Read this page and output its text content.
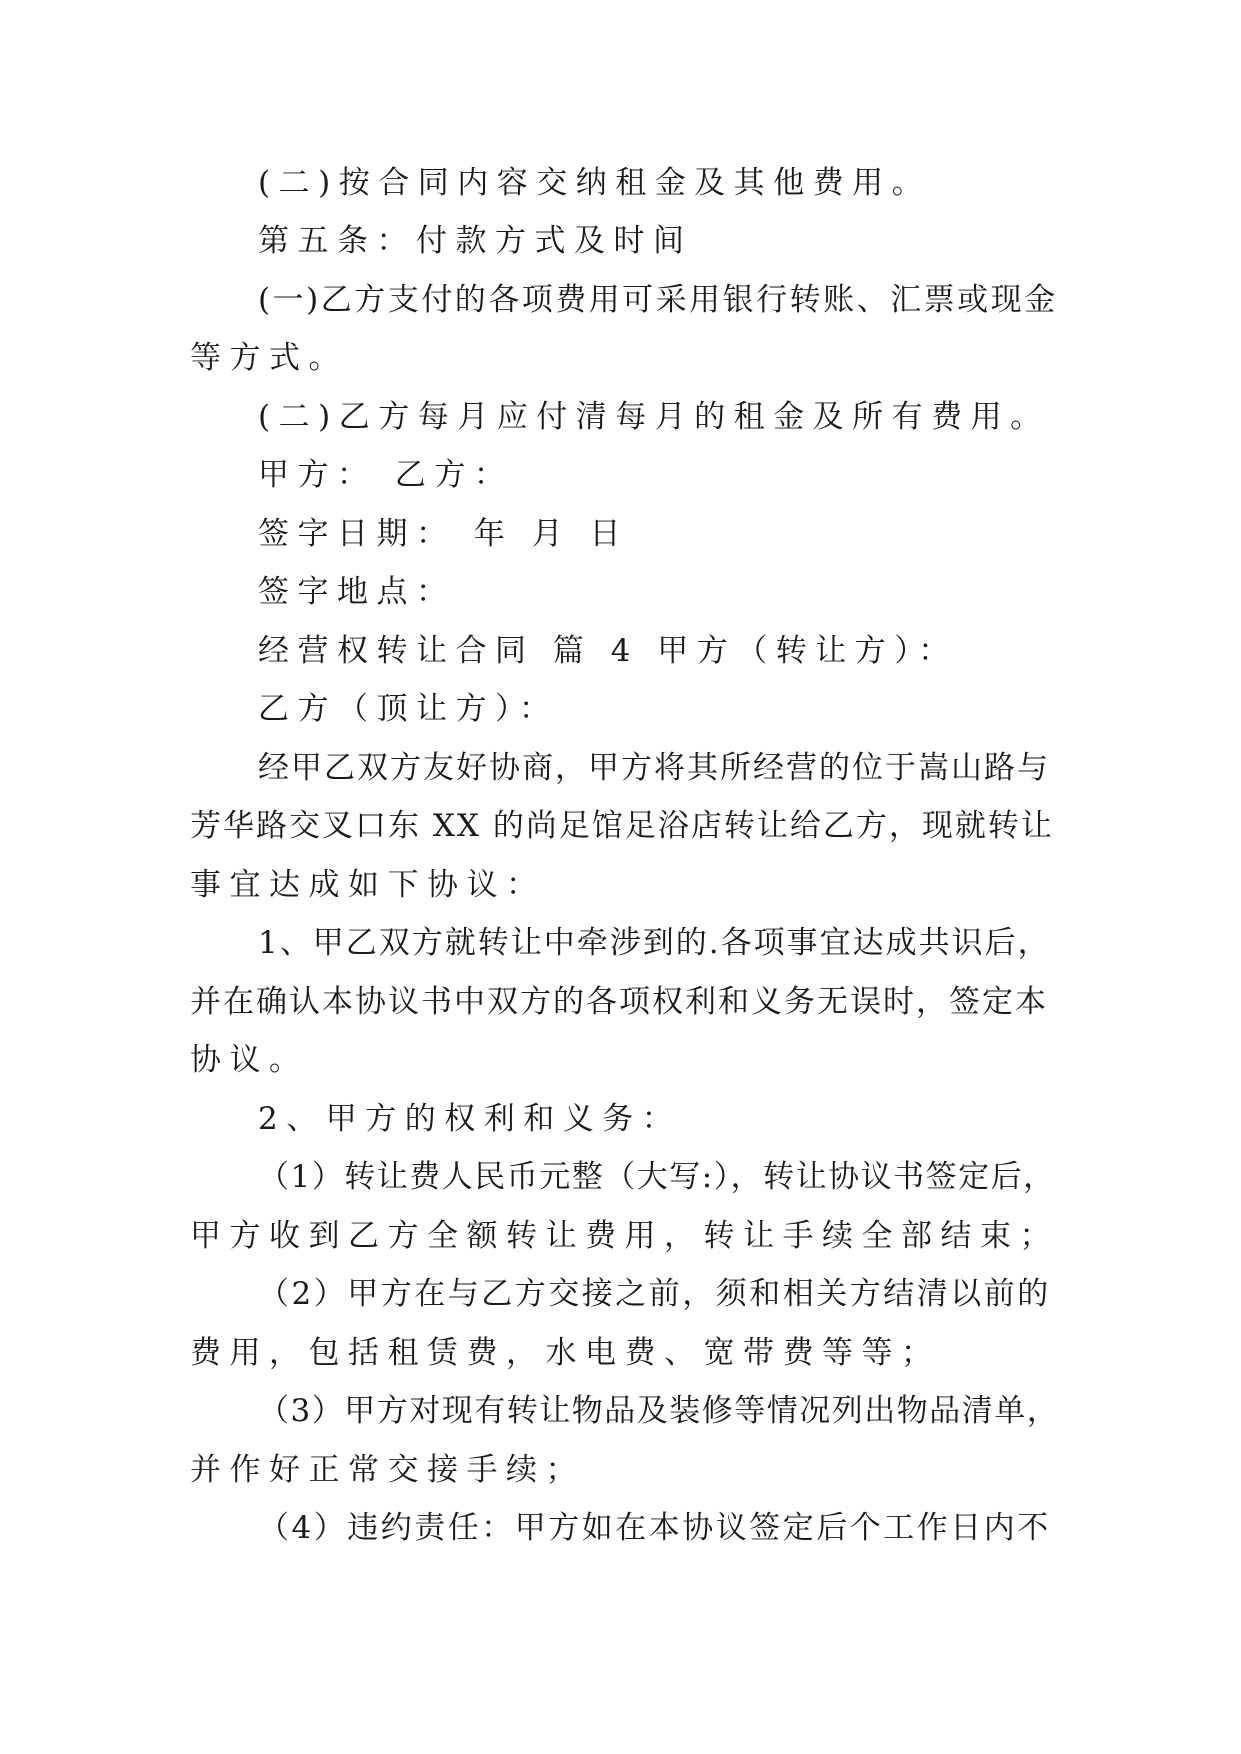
(二)按合同内容交纳租金及其他费用。
第五条：付款方式及时间
(一)乙方支付的各项费用可采用银行转账、汇票或现金
等方式。
(二)乙方每月应付清每月的租金及所有费用。
甲方： 乙方：
签字日期： 年 月 日
签字地点：
经营权转让合同 篇 4 甲方（转让方）：
乙方（顶让方）：
经甲乙双方友好协商，甲方将其所经营的位于嵩山路与
芳华路交叉口东 XX 的尚足馆足浴店转让给乙方，现就转让
事宜达成如下协议：
1、甲乙双方就转让中牵涉到的.各项事宜达成共识后，
并在确认本协议书中双方的各项权利和义务无误时，签定本
协议。
2、甲方的权利和义务：
（1）转让费人民币元整（大写:），转让协议书签定后，
甲方收到乙方全额转让费用，转让手续全部结束；
（2）甲方在与乙方交接之前，须和相关方结清以前的
费用，包括租赁费，水电费、宽带费等等；
（3）甲方对现有转让物品及装修等情况列出物品清单，
并作好正常交接手续；
（4）违约责任：甲方如在本协议签定后个工作日内不
